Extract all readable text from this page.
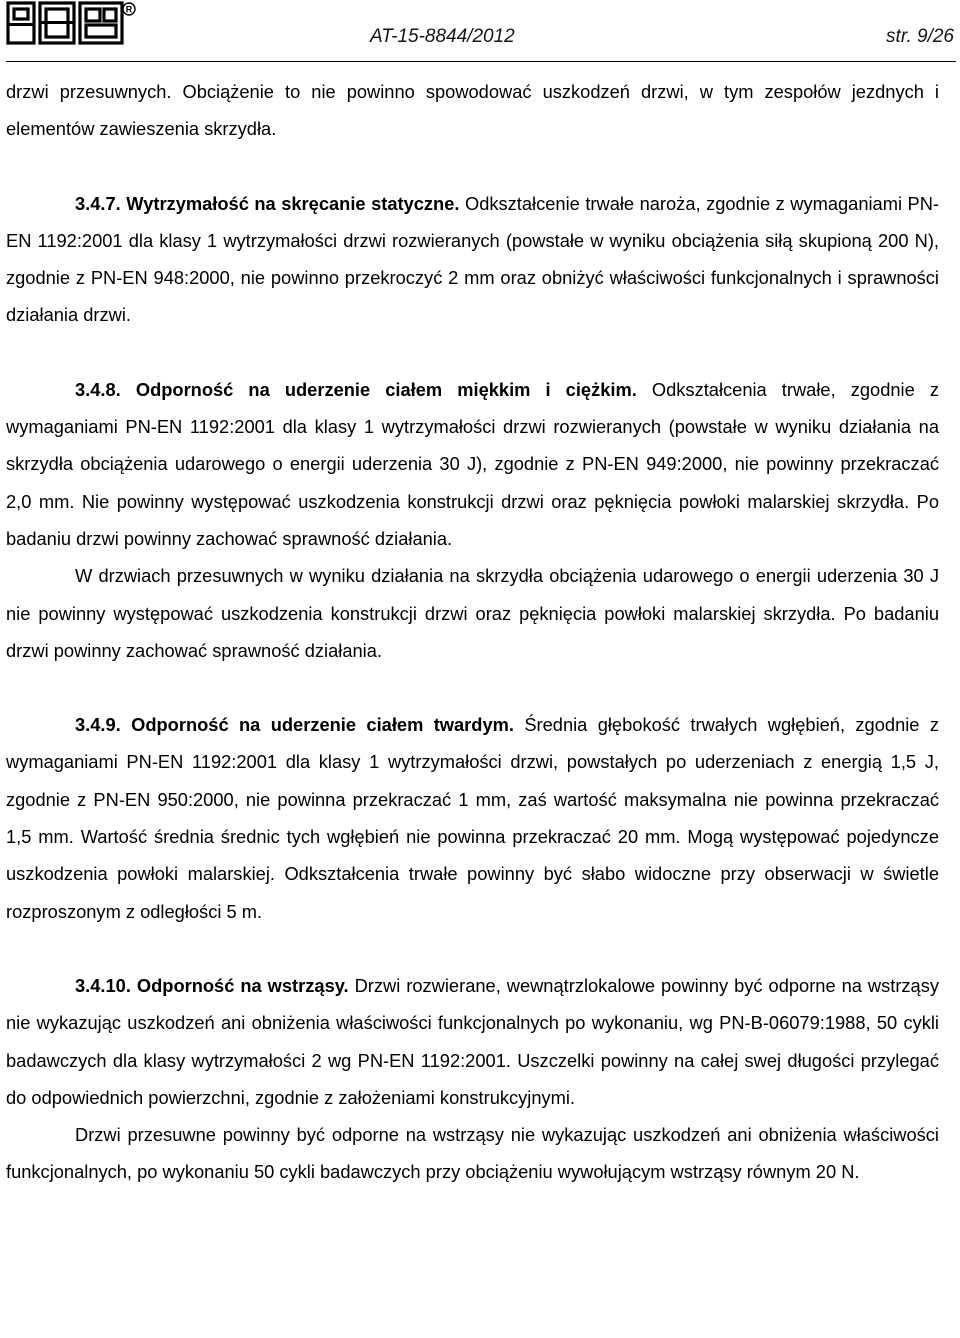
R
AT-15-8844/2012	str. 9/26

drzwi przesuwnych. Obciążenie to nie powinno spowodować uszkodzeń drzwi, w tym zespołów jezdnych i elementów zawieszenia skrzydła.

3.4.7. Wytrzymałość na skręcanie statyczne. Odkształcenie trwałe naroża, zgodnie z wymaganiami PN-EN 1192:2001 dla klasy 1 wytrzymałości drzwi rozwieranych (powstałe w wyniku obciążenia siłą skupioną 200 N), zgodnie z PN-EN 948:2000, nie powinno przekroczyć 2 mm oraz obniżyć właściwości funkcjonalnych i sprawności działania drzwi.

3.4.8. Odporność na uderzenie ciałem miękkim i ciężkim. Odkształcenia trwałe, zgodnie z wymaganiami PN-EN 1192:2001 dla klasy 1 wytrzymałości drzwi rozwieranych (powstałe w wyniku działania na skrzydła obciążenia udarowego o energii uderzenia 30 J), zgodnie z PN-EN 949:2000, nie powinny przekraczać 2,0 mm. Nie powinny występować uszkodzenia konstrukcji drzwi oraz pęknięcia powłoki malarskiej skrzydła. Po badaniu drzwi powinny zachować sprawność działania.

W drzwiach przesuwnych w wyniku działania na skrzydła obciążenia udarowego o energii uderzenia 30 J nie powinny występować uszkodzenia konstrukcji drzwi oraz pęknięcia powłoki malarskiej skrzydła. Po badaniu drzwi powinny zachować sprawność działania.

3.4.9. Odporność na uderzenie ciałem twardym. Średnia głębokość trwałych wgłębień, zgodnie z wymaganiami PN-EN 1192:2001 dla klasy 1 wytrzymałości drzwi, powstałych po uderzeniach z energią 1,5 J, zgodnie z PN-EN 950:2000, nie powinna przekraczać 1 mm, zaś wartość maksymalna nie powinna przekraczać 1,5 mm. Wartość średnia średnic tych wgłębień nie powinna przekraczać 20 mm. Mogą występować pojedyncze uszkodzenia powłoki malarskiej. Odkształcenia trwałe powinny być słabo widoczne przy obserwacji w świetle rozproszonym z odległości 5 m.

3.4.10. Odporność na wstrząsy. Drzwi rozwierane, wewnątrzlokalowe powinny być odporne na wstrząsy nie wykazując uszkodzeń ani obniżenia właściwości funkcjonalnych po wykonaniu, wg PN-B-06079:1988, 50 cykli badawczych dla klasy wytrzymałości 2 wg PN-EN 1192:2001. Uszczelki powinny na całej swej długości przylegać do odpowiednich powierzchni, zgodnie z założeniami konstrukcyjnymi.

Drzwi przesuwne powinny być odporne na wstrząsy nie wykazując uszkodzeń ani obniżenia właściwości funkcjonalnych, po wykonaniu 50 cykli badawczych przy obciążeniu wywołującym wstrząsy równym 20 N.
